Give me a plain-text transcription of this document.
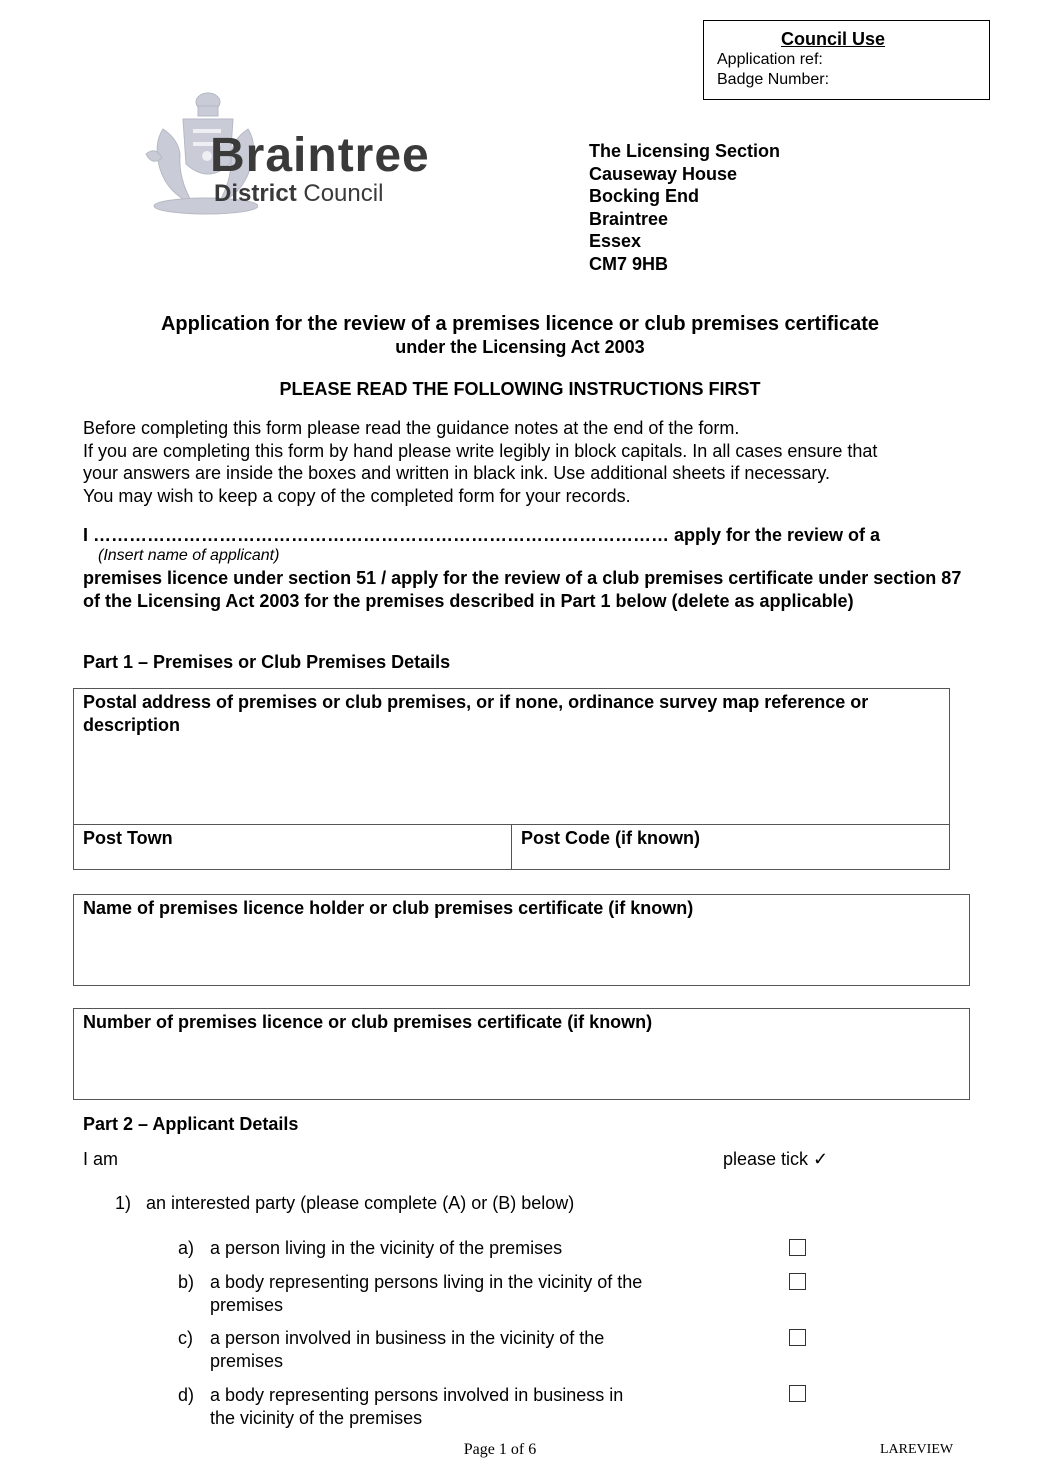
Council Use
Application ref:
Badge Number:
Braintree
District Council
The Licensing Section
Causeway House
Bocking End
Braintree
Essex
CM7 9HB
Application for the review of a premises licence or club premises certificate
under the Licensing Act 2003
PLEASE READ THE FOLLOWING INSTRUCTIONS FIRST
Before completing this form please read the guidance notes at the end of the form.
If you are completing this form by hand please write legibly in block capitals. In all cases ensure that
your answers are inside the boxes and written in black ink. Use additional sheets if necessary.
You may wish to keep a copy of the completed form for your records.
I …………………………………………………………………………………… apply for the review of a
(Insert name of applicant)
premises licence under section 51 / apply for the review of a club premises certificate under section 87 of the Licensing Act 2003 for the premises described in Part 1 below (delete as applicable)
Part 1 – Premises or Club Premises Details
Postal address of premises or club premises, or if none, ordinance survey map reference or description
Post Town	Post Code (if known)
Name of premises licence holder or club premises certificate (if known)
Number of premises licence or club premises certificate (if known)
Part 2 – Applicant Details
I am	please tick ✓
1) an interested party (please complete (A) or (B) below)
a) a person living in the vicinity of the premises
b) a body representing persons living in the vicinity of the premises
c) a person involved in business in the vicinity of the premises
d) a body representing persons involved in business in the vicinity of the premises
Page 1 of 6	LAREVIEW
